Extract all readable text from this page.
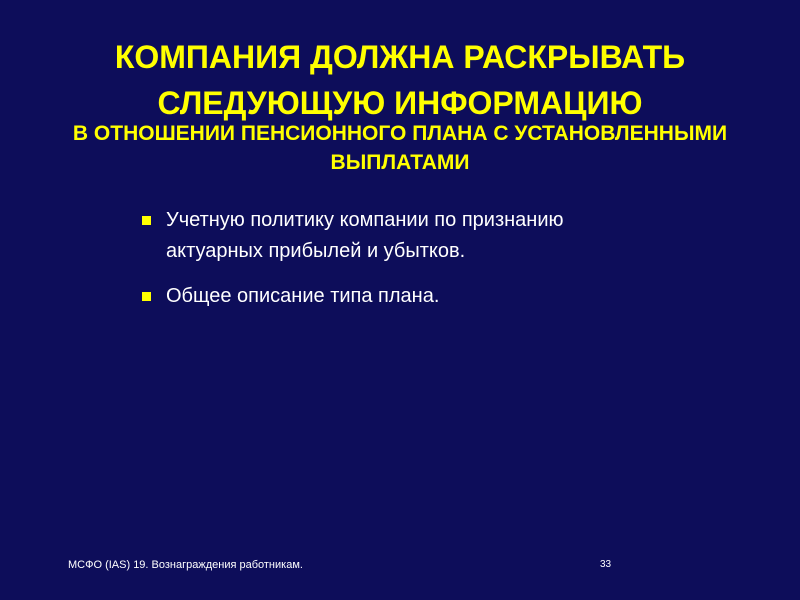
КОМПАНИЯ ДОЛЖНА РАСКРЫВАТЬ
СЛЕДУЮЩУЮ ИНФОРМАЦИЮ
В ОТНОШЕНИИ ПЕНСИОННОГО ПЛАНА С УСТАНОВЛЕННЫМИ
ВЫПЛАТАМИ
Учетную политику компании по признанию
актуарных прибылей и убытков.
Общее описание типа плана.
МСФО (IAS) 19. Вознаграждения работникам.	33
